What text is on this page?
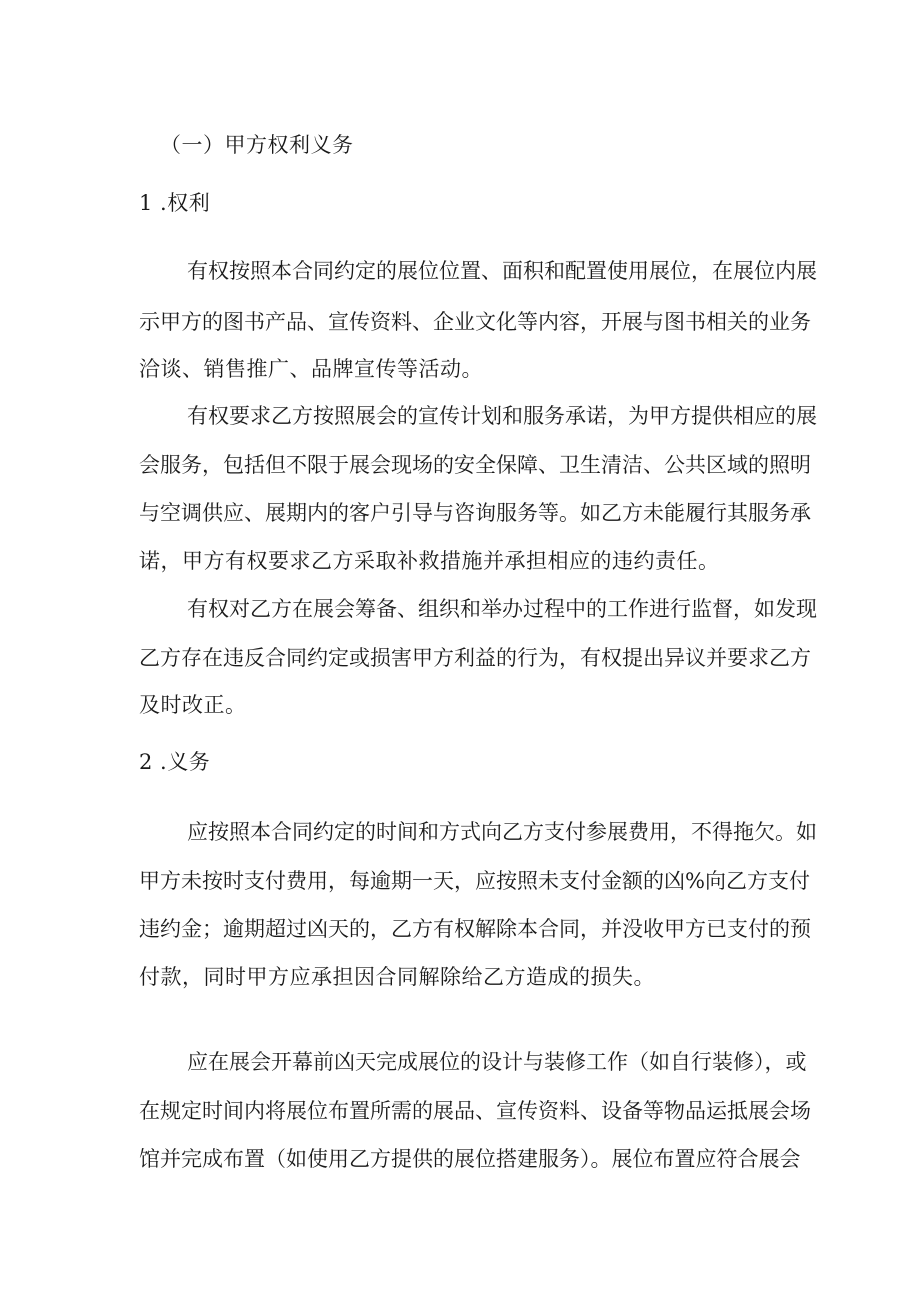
（一）甲方权利义务
1 .权利
有权按照本合同约定的展位位置、面积和配置使用展位，在展位内展
示甲方的图书产品、宣传资料、企业文化等内容，开展与图书相关的业务
洽谈、销售推广、品牌宣传等活动。
有权要求乙方按照展会的宣传计划和服务承诺，为甲方提供相应的展
会服务，包括但不限于展会现场的安全保障、卫生清洁、公共区域的照明
与空调供应、展期内的客户引导与咨询服务等。如乙方未能履行其服务承
诺，甲方有权要求乙方采取补救措施并承担相应的违约责任。
有权对乙方在展会筹备、组织和举办过程中的工作进行监督，如发现
乙方存在违反合同约定或损害甲方利益的行为，有权提出异议并要求乙方
及时改正。
2 .义务
应按照本合同约定的时间和方式向乙方支付参展费用，不得拖欠。如
甲方未按时支付费用，每逾期一天，应按照未支付金额的凶%向乙方支付
违约金；逾期超过凶天的，乙方有权解除本合同，并没收甲方已支付的预
付款，同时甲方应承担因合同解除给乙方造成的损失。
应在展会开幕前凶天完成展位的设计与装修工作（如自行装修），或
在规定时间内将展位布置所需的展品、宣传资料、设备等物品运抵展会场
馆并完成布置（如使用乙方提供的展位搭建服务）。展位布置应符合展会
